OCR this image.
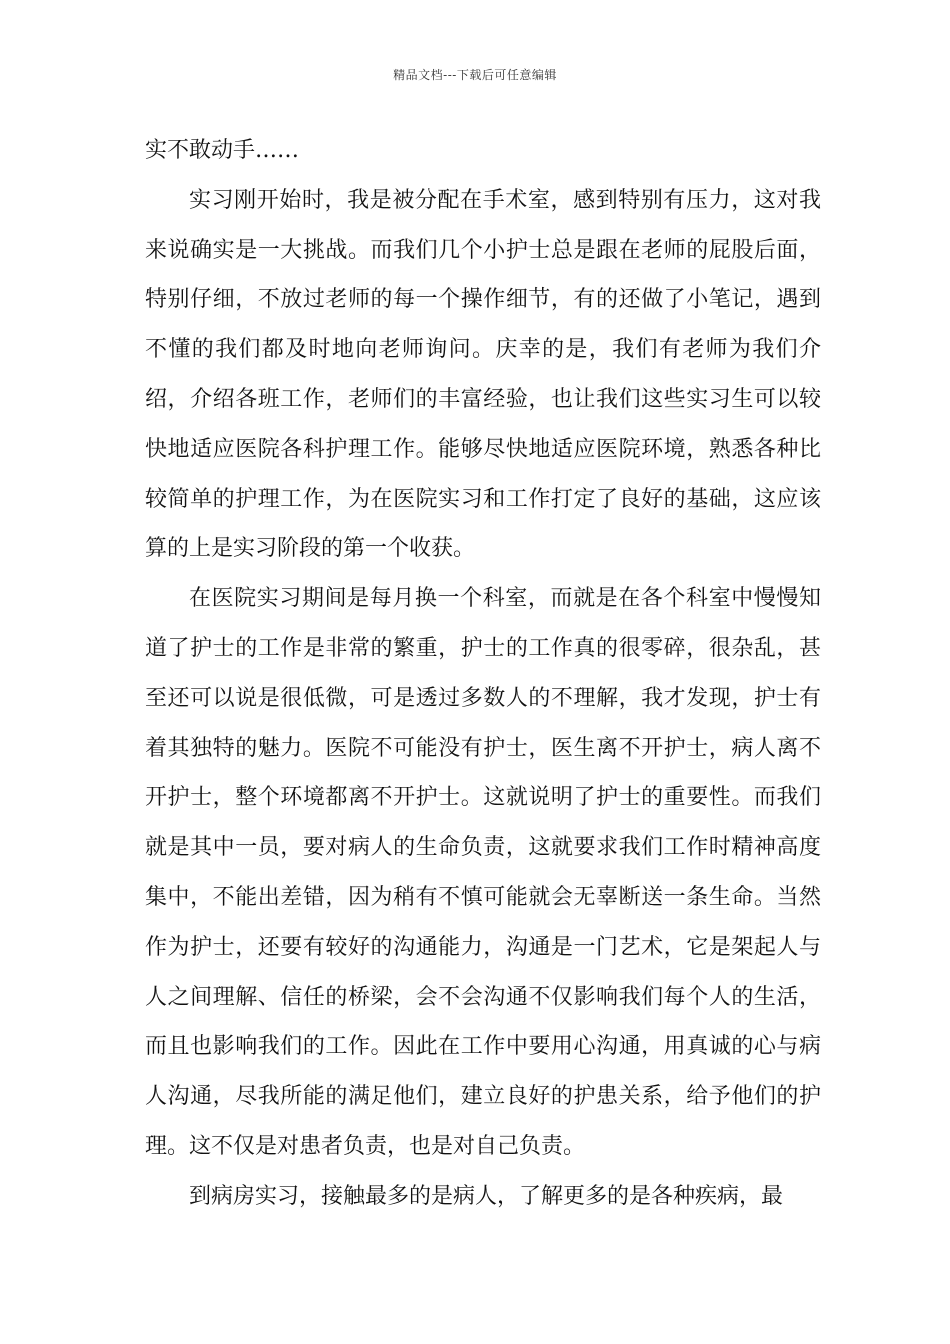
精品文档---下载后可任意编辑

实不敢动手……

实习刚开始时，我是被分配在手术室，感到特别有压力，这对我来说确实是一大挑战。而我们几个小护士总是跟在老师的屁股后面，特别仔细，不放过老师的每一个操作细节，有的还做了小笔记，遇到不懂的我们都及时地向老师询问。庆幸的是，我们有老师为我们介绍，介绍各班工作，老师们的丰富经验，也让我们这些实习生可以较快地适应医院各科护理工作。能够尽快地适应医院环境，熟悉各种比较简单的护理工作，为在医院实习和工作打定了良好的基础，这应该算的上是实习阶段的第一个收获。

在医院实习期间是每月换一个科室，而就是在各个科室中慢慢知道了护士的工作是非常的繁重，护士的工作真的很零碎，很杂乱，甚至还可以说是很低微，可是透过多数人的不理解，我才发现，护士有着其独特的魅力。医院不可能没有护士，医生离不开护士，病人离不开护士，整个环境都离不开护士。这就说明了护士的重要性。而我们就是其中一员，要对病人的生命负责，这就要求我们工作时精神高度集中，不能出差错，因为稍有不慎可能就会无辜断送一条生命。当然作为护士，还要有较好的沟通能力，沟通是一门艺术，它是架起人与人之间理解、信任的桥梁，会不会沟通不仅影响我们每个人的生活，而且也影响我们的工作。因此在工作中要用心沟通，用真诚的心与病人沟通，尽我所能的满足他们，建立良好的护患关系，给予他们的护理。这不仅是对患者负责，也是对自己负责。

到病房实习，接触最多的是病人，了解更多的是各种疾病，最
